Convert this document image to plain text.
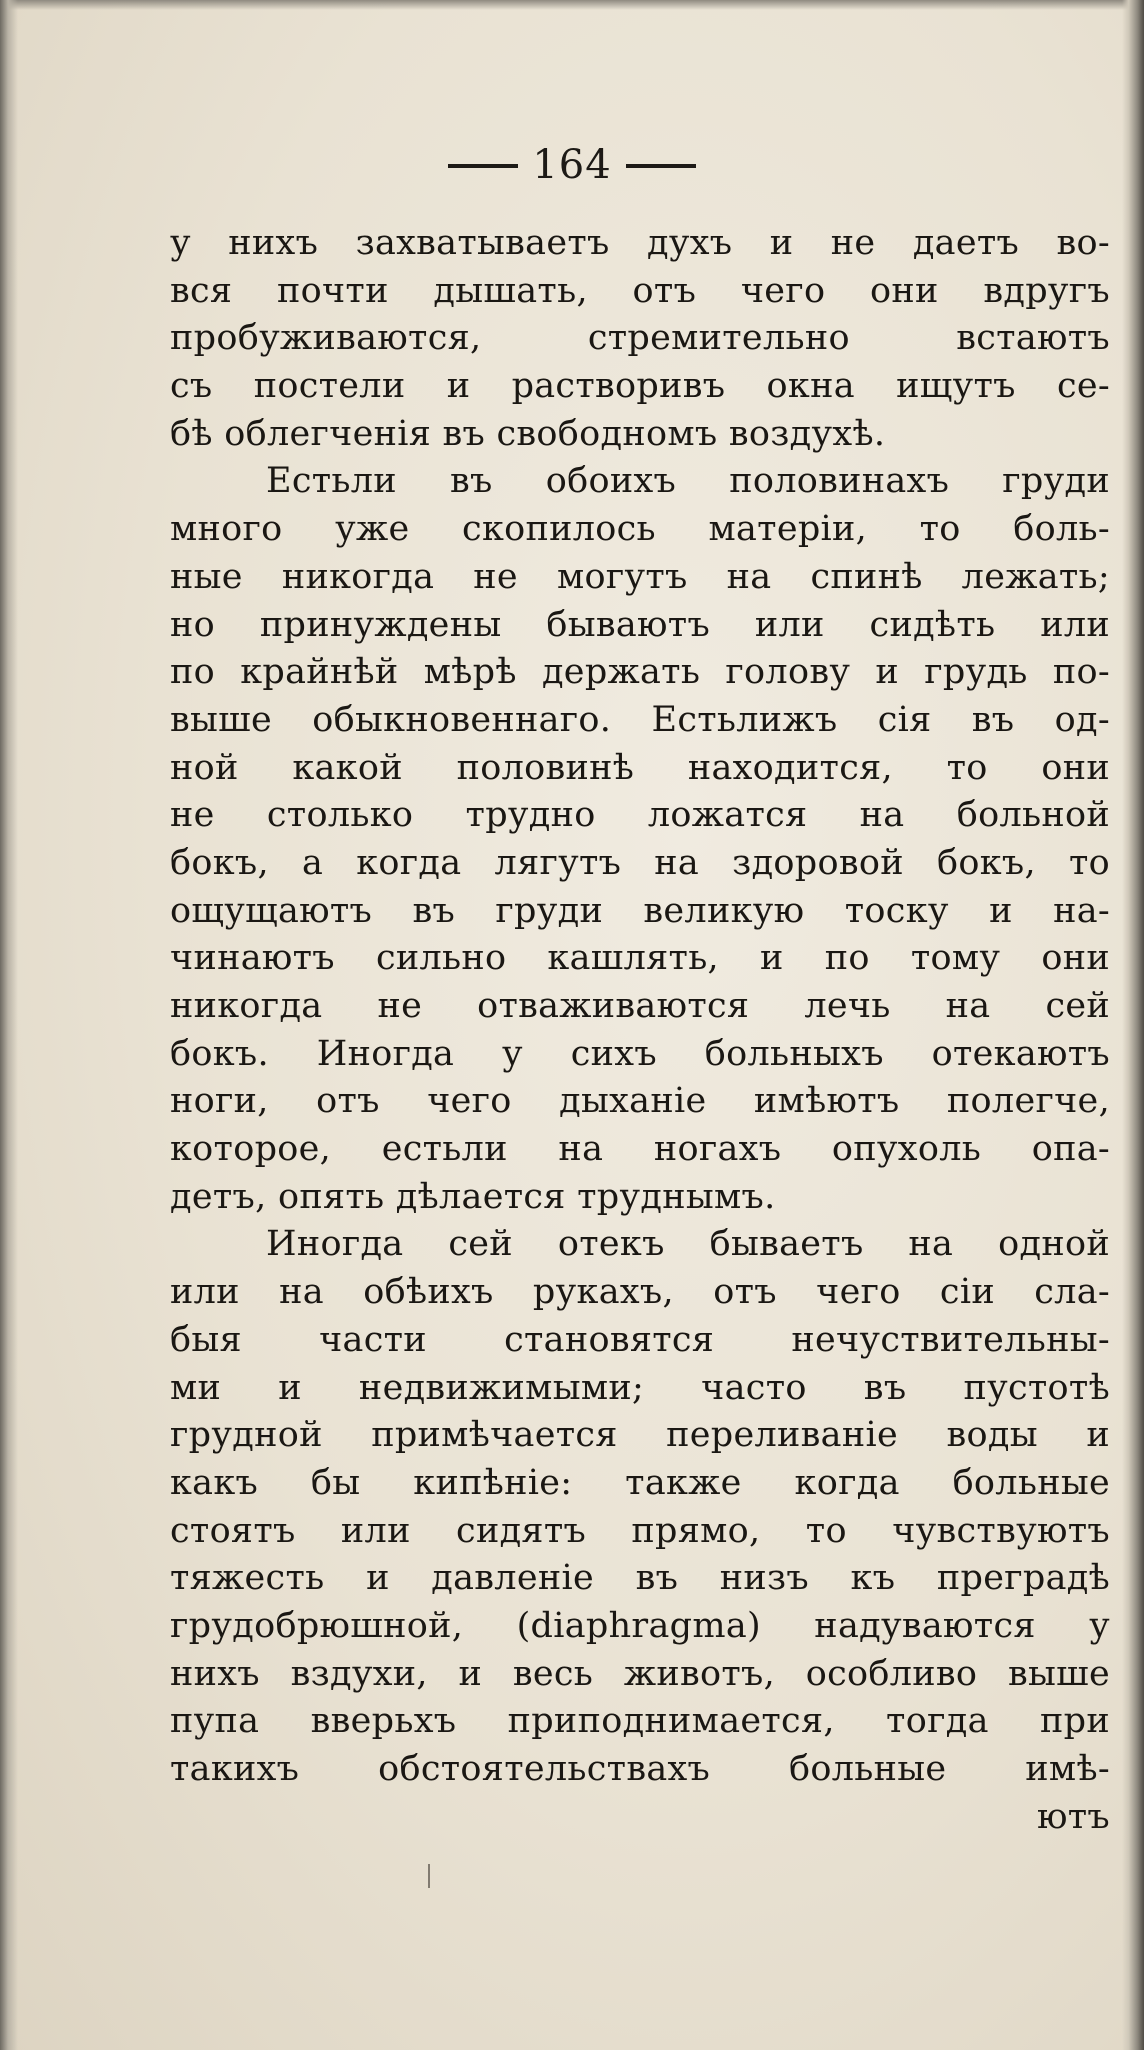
164
у нихъ захватываетъ духъ и не даетъ во-
вся почти дышать, отъ чего они вдругъ
пробуживаются, стремительно встаютъ
съ постели и растворивъ окна ищутъ се-
бѣ облегченія въ свободномъ воздухѣ.
Естьли въ обоихъ половинахъ груди
много уже скопилось матеріи, то боль-
ные никогда не могутъ на спинѣ лежать;
но принуждены бываютъ или сидѣть или
по крайнѣй мѣрѣ держать голову и грудь по-
выше обыкновеннаго. Естьлижъ сія въ од-
ной какой половинѣ находится, то они
не столько трудно ложатся на больной
бокъ, а когда лягутъ на здоровой бокъ, то
ощущаютъ въ груди великую тоску и на-
чинаютъ сильно кашлять, и по тому они
никогда не отваживаются лечь на сей
бокъ. Иногда у сихъ больныхъ отекаютъ
ноги, отъ чего дыханіе имѣютъ полегче,
которое, естьли на ногахъ опухоль опа-
детъ, опять дѣлается труднымъ.
Иногда сей отекъ бываетъ на одной
или на обѣихъ рукахъ, отъ чего сіи сла-
быя части становятся нечуствительны-
ми и недвижимыми; часто въ пустотѣ
грудной примѣчается переливаніе воды и
какъ бы кипѣніе: также когда больные
стоятъ или сидятъ прямо, то чувствуютъ
тяжесть и давленіе въ низъ къ преградѣ
грудобрюшной, (diaphragma) надуваются у
нихъ вздухи, и весь животъ, особливо выше
пупа вверьхъ приподнимается, тогда при
такихъ обстоятельствахъ больные имѣ-
ютъ
